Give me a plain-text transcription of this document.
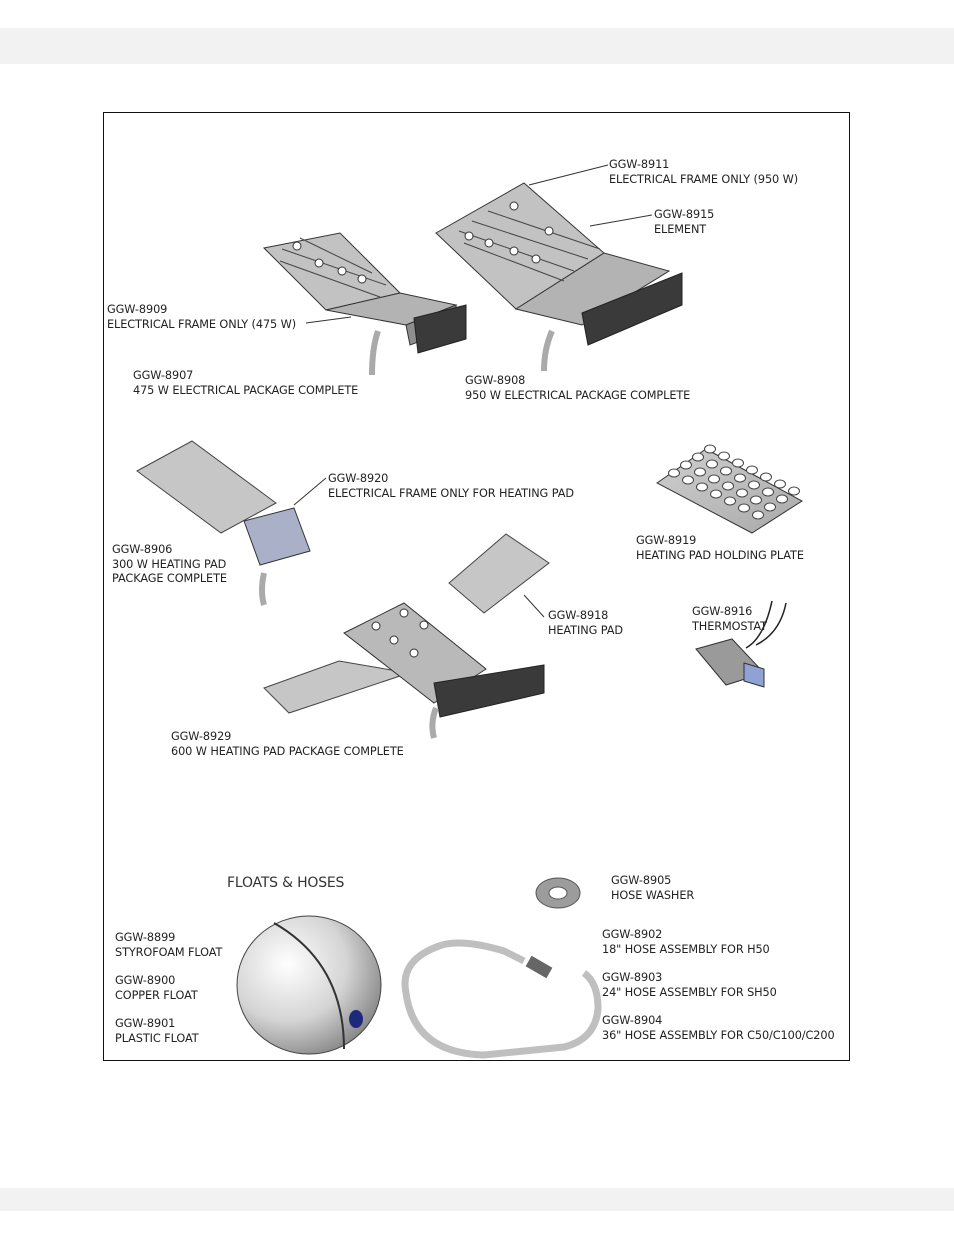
GGW-8911
ELECTRICAL FRAME ONLY (950 W)
GGW-8915
ELEMENT
GGW-8909
ELECTRICAL FRAME ONLY (475 W)
GGW-8907
475 W ELECTRICAL PACKAGE COMPLETE
GGW-8908
950 W ELECTRICAL PACKAGE COMPLETE
GGW-8920
ELECTRICAL FRAME ONLY FOR HEATING PAD
GGW-8906
300 W HEATING PAD
PACKAGE COMPLETE
GGW-8919
HEATING PAD HOLDING PLATE
GGW-8918
HEATING PAD
GGW-8916
THERMOSTAT
GGW-8929
600 W HEATING PAD PACKAGE COMPLETE
FLOATS & HOSES	GGW-8905
HOSE WASHER
GGW-8899
STYROFOAM FLOAT
GGW-8900
COPPER FLOAT
GGW-8901
PLASTIC FLOAT
GGW-8902
18" HOSE ASSEMBLY FOR H50
GGW-8903
24" HOSE ASSEMBLY FOR SH50
GGW-8904
36" HOSE ASSEMBLY FOR C50/C100/C200
